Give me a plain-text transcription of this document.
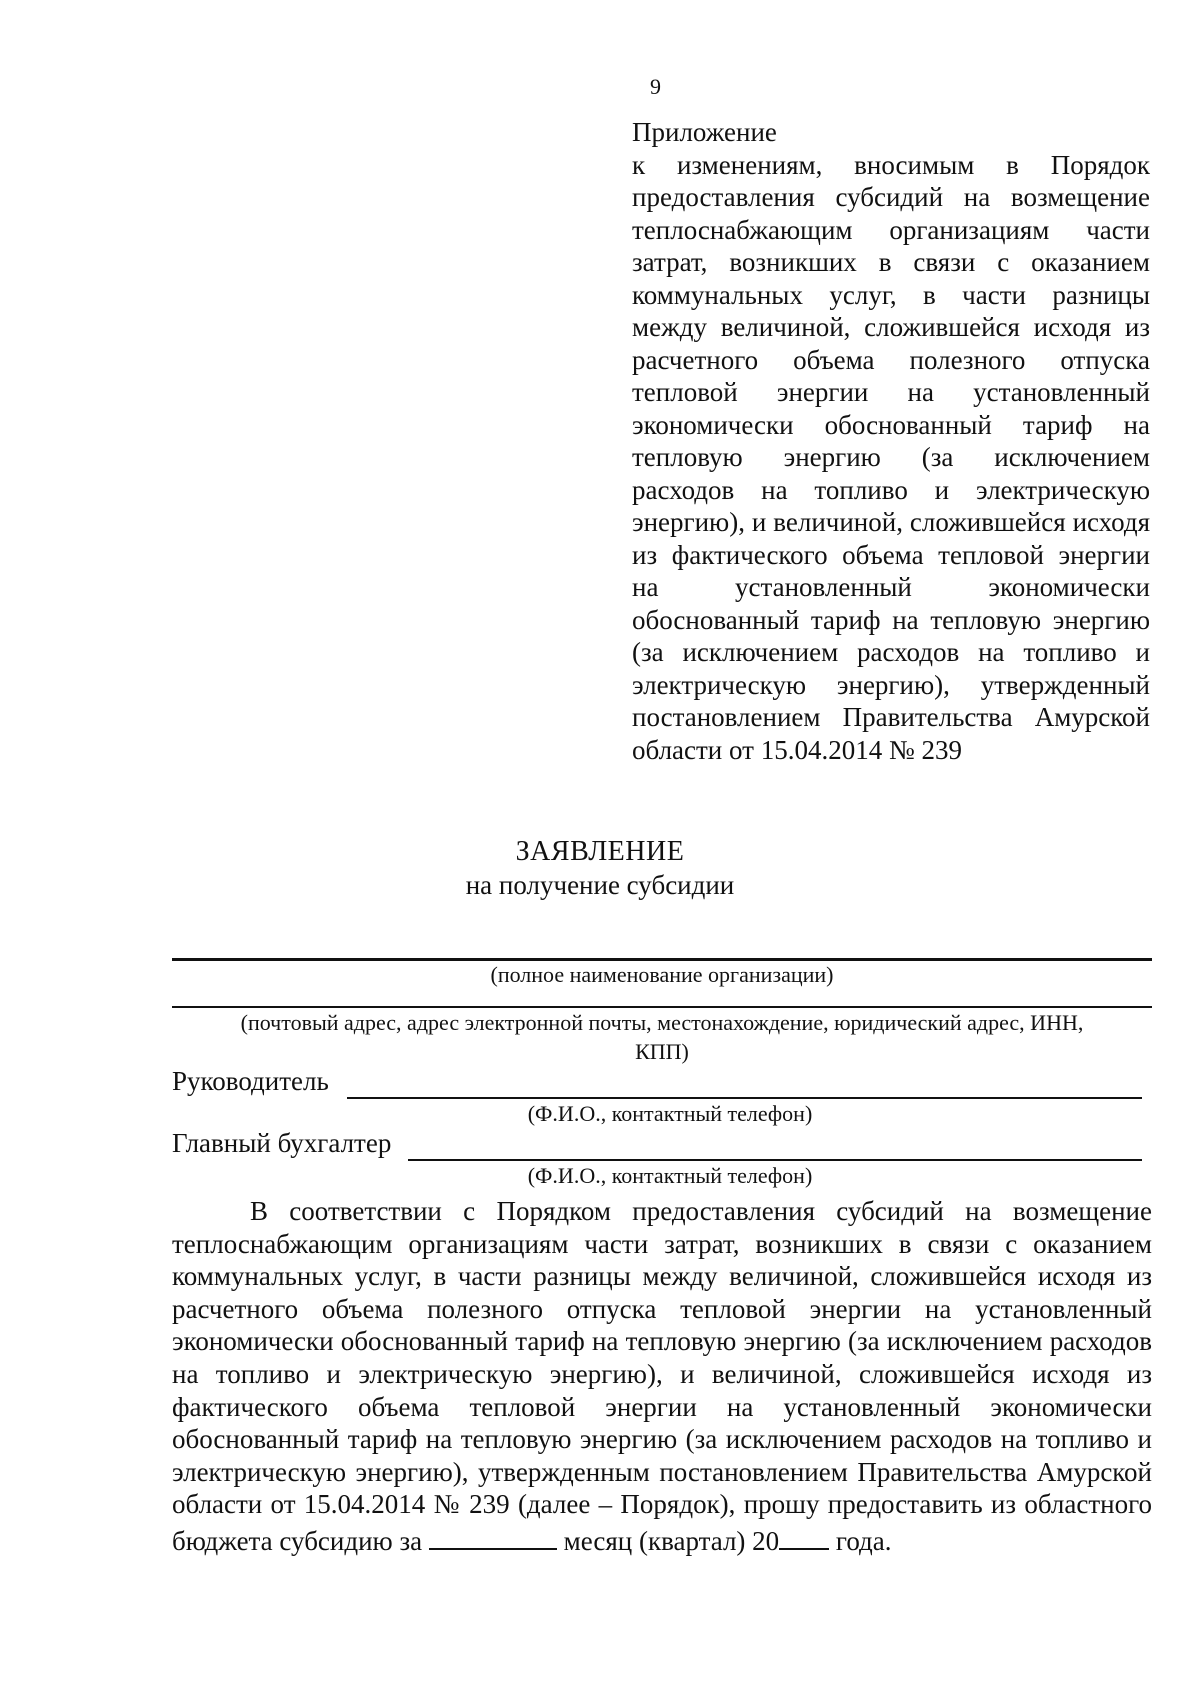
9

Приложение

к изменениям, вносимым в Порядок предоставления субсидий на возмещение теплоснабжающим организациям части затрат, возникших в связи с оказанием коммунальных услуг, в части разницы между величиной, сложившейся исходя из расчетного объема полезного отпуска тепловой энергии на установленный экономически обоснованный тариф на тепловую энергию (за исключением расходов на топливо и электрическую энергию), и величиной, сложившейся исходя из фактического объема тепловой энергии на установленный экономически обоснованный тариф на тепловую энергию (за исключением расходов на топливо и электрическую энергию), утвержденный постановлением Правительства Амурской области от 15.04.2014 № 239

ЗАЯВЛЕНИЕ
на получение субсидии
(полное наименование организации)
(почтовый адрес, адрес электронной почты, местонахождение, юридический адрес, ИНН,
КПП)
Руководитель
(Ф.И.О., контактный телефон)
Главный бухгалтер
(Ф.И.О., контактный телефон)

В соответствии с Порядком предоставления субсидий на возмещение теплоснабжающим организациям части затрат, возникших в связи с оказанием коммунальных услуг, в части разницы между величиной, сложившейся исходя из расчетного объема полезного отпуска тепловой энергии на установленный экономически обоснованный тариф на тепловую энергию (за исключением расходов на топливо и электрическую энергию), и величиной, сложившейся исходя из фактического объема тепловой энергии на установленный экономически обоснованный тариф на тепловую энергию (за исключением расходов на топливо и электрическую энергию), утвержденным постановлением Правительства Амурской области от 15.04.2014 № 239 (далее – Порядок), прошу предоставить из областного бюджета субсидию за	месяц (квартал) 20 года.
